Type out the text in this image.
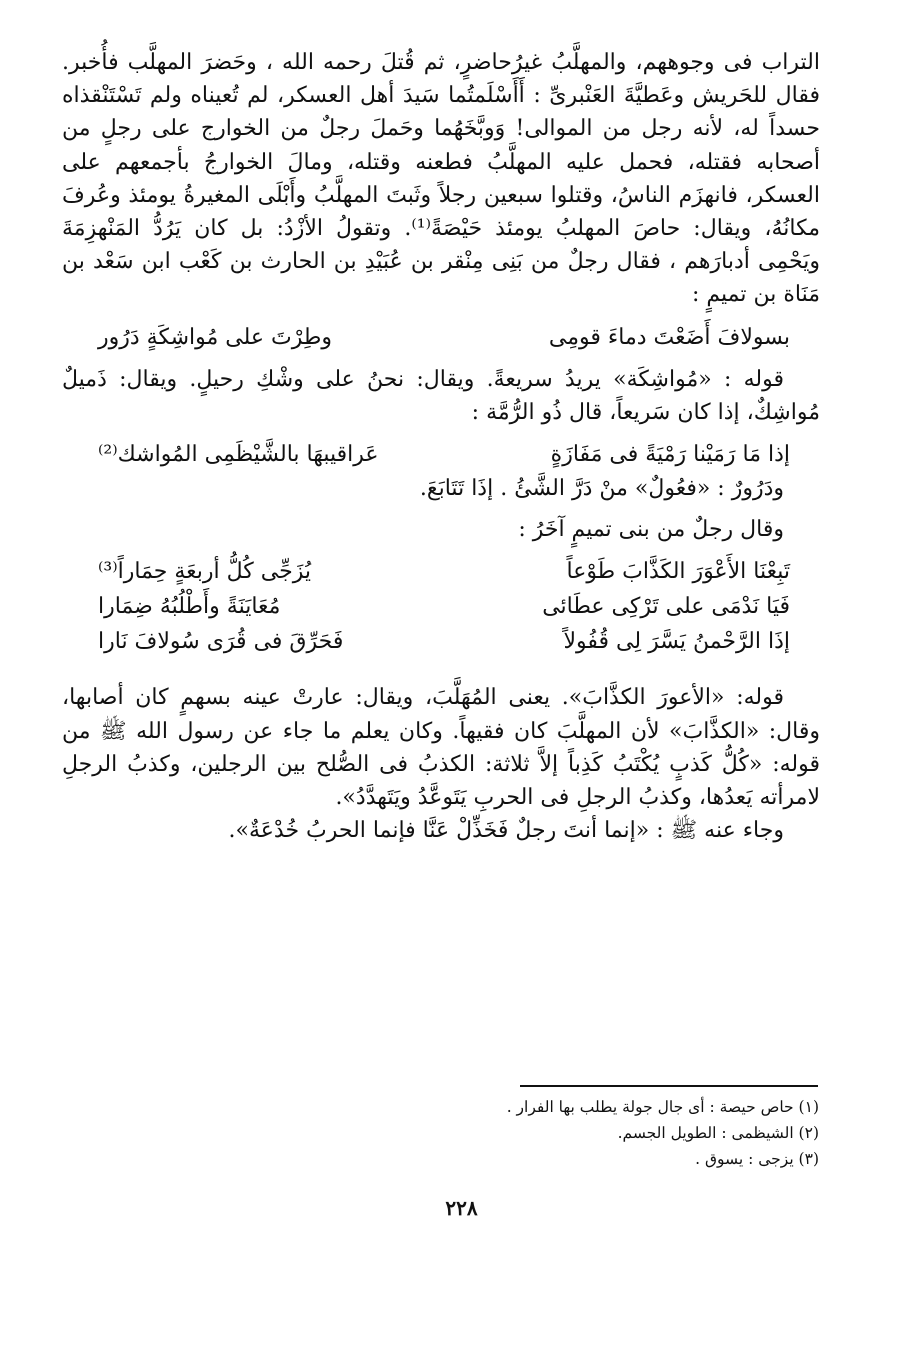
التراب فى وجوههم، والمهلَّبُ غيرُحاضرٍ، ثم قُتلَ رحمه الله ، وحَضرَ المهلَّب فأُخبر. فقال للحَريش وعَطيَّةَ العَنْبرىِّ : أَأَسْلَمتُما سَيدَ أهل العسكر، لم تُعيناه ولم تَسْتَنْقذاه حسداً له، لأنه رجل من الموالى! وَوبَّخَهُما وحَملَ رجلٌ من الخوارج على رجلٍ من أصحابه فقتله، فحمل عليه المهلَّبُ فطعنه وقتله، ومالَ الخوارجُ بأجمعهم على العسكر، فانهزَم الناسُ، وقتلوا سبعين رجلاً وثَبتَ المهلَّبُ وأَبْلَى المغيرةُ يومئذ وعُرفَ مكانُهُ، ويقال: حاصَ المهلبُ يومئذ حَيْصَةً⁽¹⁾. وتقولُ الأزْدُ: بل كان يَرُدُّ المَنْهزِمَةَ ويَحْمِى أدبارَهم ، فقال رجلٌ من بَنِى مِنْقر بن عُبَيْدِ بن الحارث بن كَعْب ابن سَعْد بن مَنَاة بن تميمٍ :

بسولافَ أَضَعْتَ دماءَ قومِى
وطِرْتَ على مُواشِكَةٍ دَرُور

قوله : «مُواشِكَة» يريدُ سريعةً. ويقال: نحنُ على وشْكِ رحيلٍ. ويقال: ذَميلٌ مُواشِكٌ، إذا كان سَريعاً، قال ذُو الرُّمَّة :

إذا مَا رَمَيْنا رَمْيَةً فى مَفَازَةٍ
عَراقيبهَا بالشَّيْظَمِى المُواشك⁽²⁾

ودَرُورٌ : «فعُولٌ» منْ دَرَّ الشَّئُ . إذَا تَتَابَعَ.

وقال رجلٌ من بنى تميمٍ آخَرُ :

تَبِعْنَا الأَعْوَرَ الكَذَّابَ طَوْعاً
يُزَجِّى كُلُّ أربعَةٍ حِمَاراً⁽³⁾
فَيَا نَدْمَى على تَرْكِى عطَائى
مُعَايَنَةً وأَطْلُبُهُ ضِمَارا
إذَا الرَّحْمنُ يَسَّرَ لِى قُفُولاً
فَحَرِّقَ فى قُرَى سُولافَ نَارا

قوله: «الأعورَ الكذَّابَ». يعنى المُهَلَّبَ، ويقال: عارتْ عينه بسهمٍ كان أصابها، وقال: «الكذَّابَ» لأن المهلَّبَ كان فقيهاً. وكان يعلم ما جاء عن رسول الله ﷺ من قوله: «كُلُّ كَذبٍ يُكْتَبُ كَذِباً إلاَّ ثلاثة: الكذبُ فى الصُّلح بين الرجلين، وكذبُ الرجلِ لامرأته يَعدُها، وكذبُ الرجلِ فى الحربِ يَتَوعَّدُ ويَتَهدَّدُ».

وجاء عنه ﷺ : «إنما أنتَ رجلٌ فَخَذِّلْ عَنَّا فإنما الحربُ خُدْعَةٌ».

(١) حاص حيصة : أى جال جولة يطلب بها الفرار .

(٢) الشيظمى : الطويل الجسم.

(٣) يزجى : يسوق .

٢٢٨
